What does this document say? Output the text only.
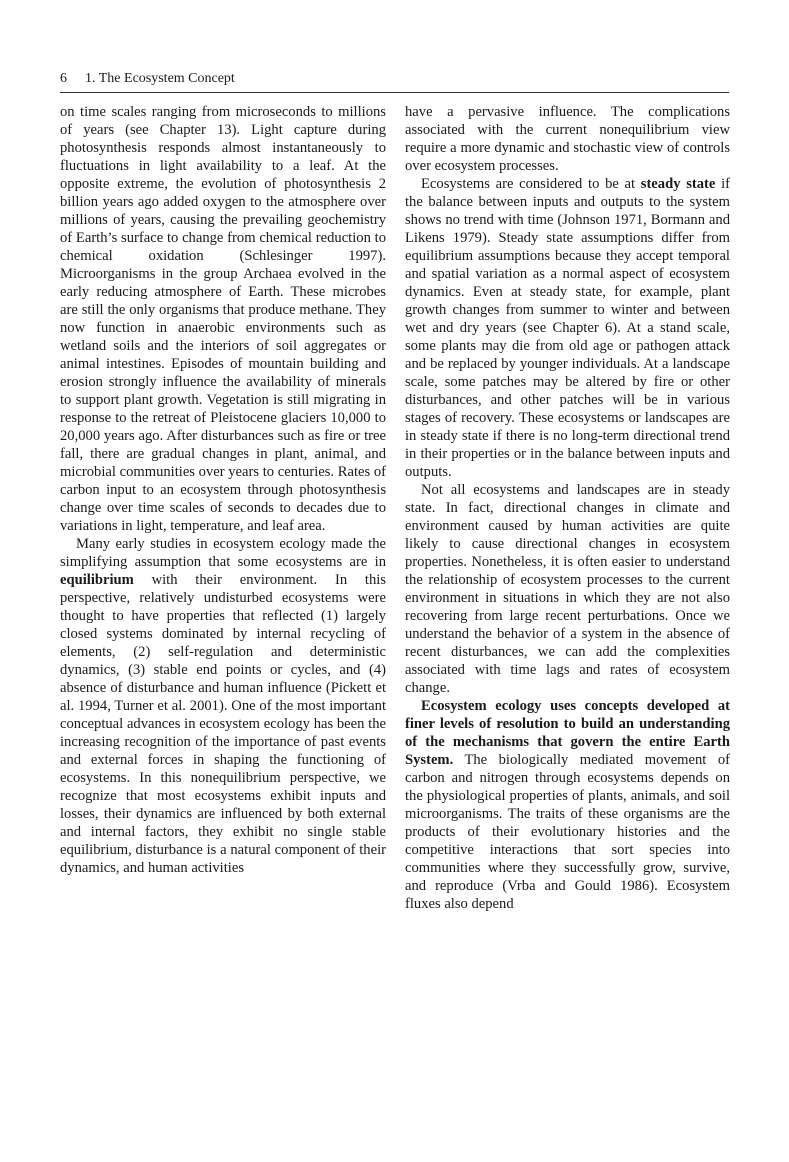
6 1. The Ecosystem Concept

on time scales ranging from microseconds to millions of years (see Chapter 13). Light capture during photosynthesis responds almost instantaneously to fluctuations in light availability to a leaf. At the opposite extreme, the evolution of photosynthesis 2 billion years ago added oxygen to the atmosphere over millions of years, causing the prevailing geochemistry of Earth’s surface to change from chemical reduction to chemical oxidation (Schlesinger 1997). Microorganisms in the group Archaea evolved in the early reducing atmosphere of Earth. These microbes are still the only organisms that produce methane. They now function in anaerobic environments such as wetland soils and the interiors of soil aggregates or animal intestines. Episodes of mountain building and erosion strongly influence the availability of minerals to support plant growth. Vegetation is still migrating in response to the retreat of Pleistocene glaciers 10,000 to 20,000 years ago. After disturbances such as fire or tree fall, there are gradual changes in plant, animal, and microbial communities over years to centuries. Rates of carbon input to an ecosystem through photosynthesis change over time scales of seconds to decades due to variations in light, temperature, and leaf area.

Many early studies in ecosystem ecology made the simplifying assumption that some ecosystems are in equilibrium with their environment. In this perspective, relatively undisturbed ecosystems were thought to have properties that reflected (1) largely closed systems dominated by internal recycling of elements, (2) self-regulation and deterministic dynamics, (3) stable end points or cycles, and (4) absence of disturbance and human influence (Pickett et al. 1994, Turner et al. 2001). One of the most important conceptual advances in ecosystem ecology has been the increasing recognition of the importance of past events and external forces in shaping the functioning of ecosystems. In this nonequilibrium perspective, we recognize that most ecosystems exhibit inputs and losses, their dynamics are influenced by both external and internal factors, they exhibit no single stable equilibrium, disturbance is a natural component of their dynamics, and human activities

have a pervasive influence. The complications associated with the current nonequilibrium view require a more dynamic and stochastic view of controls over ecosystem processes.

Ecosystems are considered to be at steady state if the balance between inputs and outputs to the system shows no trend with time (Johnson 1971, Bormann and Likens 1979). Steady state assumptions differ from equilibrium assumptions because they accept temporal and spatial variation as a normal aspect of ecosystem dynamics. Even at steady state, for example, plant growth changes from summer to winter and between wet and dry years (see Chapter 6). At a stand scale, some plants may die from old age or pathogen attack and be replaced by younger individuals. At a landscape scale, some patches may be altered by fire or other disturbances, and other patches will be in various stages of recovery. These ecosystems or landscapes are in steady state if there is no long-term directional trend in their properties or in the balance between inputs and outputs.

Not all ecosystems and landscapes are in steady state. In fact, directional changes in climate and environment caused by human activities are quite likely to cause directional changes in ecosystem properties. Nonetheless, it is often easier to understand the relationship of ecosystem processes to the current environment in situations in which they are not also recovering from large recent perturbations. Once we understand the behavior of a system in the absence of recent disturbances, we can add the complexities associated with time lags and rates of ecosystem change.

Ecosystem ecology uses concepts developed at finer levels of resolution to build an understanding of the mechanisms that govern the entire Earth System. The biologically mediated movement of carbon and nitrogen through ecosystems depends on the physiological properties of plants, animals, and soil microorganisms. The traits of these organisms are the products of their evolutionary histories and the competitive interactions that sort species into communities where they successfully grow, survive, and reproduce (Vrba and Gould 1986). Ecosystem fluxes also depend
